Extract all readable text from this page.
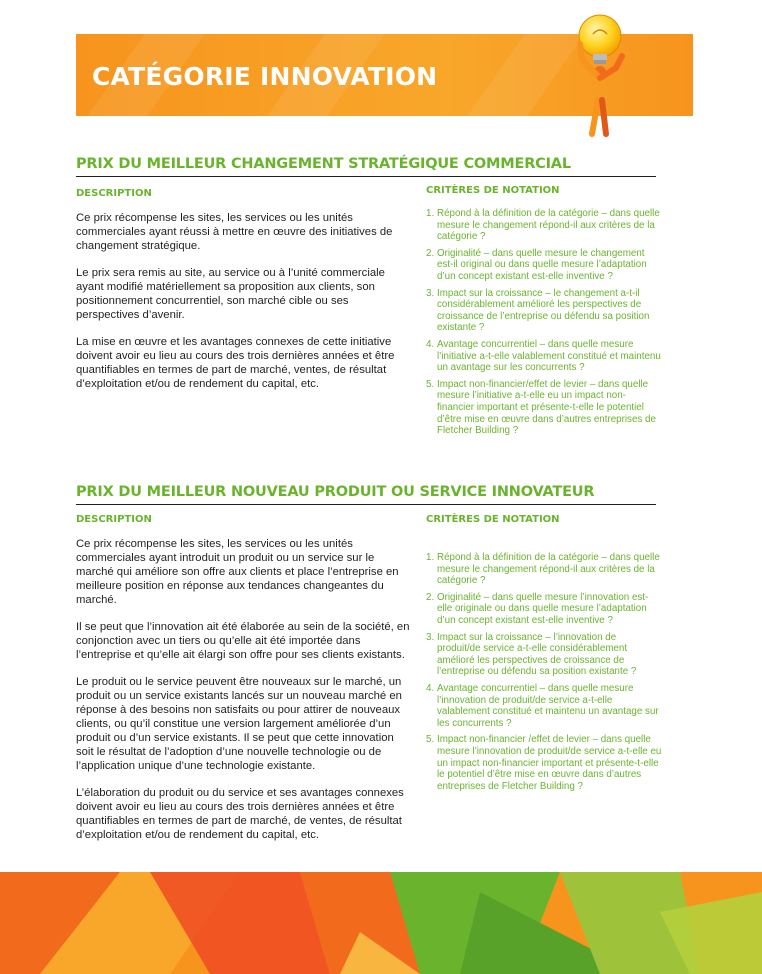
CATÉGORIE INNOVATION
PRIX DU MEILLEUR CHANGEMENT STRATÉGIQUE COMMERCIAL
DESCRIPTION	CRITÈRES DE NOTATION

Ce prix récompense les sites, les services ou les unités commerciales ayant réussi à mettre en œuvre des initiatives de changement stratégique.

Le prix sera remis au site, au service ou à l’unité commerciale ayant modifié matériellement sa proposition aux clients, son positionnement concurrentiel, son marché cible ou ses perspectives d’avenir.

La mise en œuvre et les avantages connexes de cette initiative doivent avoir eu lieu au cours des trois dernières années et être quantifiables en termes de part de marché, ventes, de résultat d’exploitation et/ou de rendement du capital, etc.

1. Répond à la définition de la catégorie – dans quelle mesure le changement répond-il aux critères de la catégorie ?
2. Originalité – dans quelle mesure le changement est-il original ou dans quelle mesure l’adaptation d’un concept existant est-elle inventive ?
3. Impact sur la croissance – le changement a-t-il considérablement amélioré les perspectives de croissance de l’entreprise ou défendu sa position existante ?
4. Avantage concurrentiel – dans quelle mesure l’initiative a-t-elle valablement constitué et maintenu un avantage sur les concurrents ?
5. Impact non-financier/effet de levier – dans quelle mesure l’initiative a-t-elle eu un impact non-financier important et présente-t-elle le potentiel d’être mise en œuvre dans d’autres entreprises de Fletcher Building ?
PRIX DU MEILLEUR NOUVEAU PRODUIT OU SERVICE INNOVATEUR
DESCRIPTION	CRITÈRES DE NOTATION

Ce prix récompense les sites, les services ou les unités commerciales ayant introduit un produit ou un service sur le marché qui améliore son offre aux clients et place l’entreprise en meilleure position en réponse aux tendances changeantes du marché.

Il se peut que l’innovation ait été élaborée au sein de la société, en conjonction avec un tiers ou qu’elle ait été importée dans l’entreprise et qu’elle ait élargi son offre pour ses clients existants.

Le produit ou le service peuvent être nouveaux sur le marché, un produit ou un service existants lancés sur un nouveau marché en réponse à des besoins non satisfaits ou pour attirer de nouveaux clients, ou qu’il constitue une version largement améliorée d’un produit ou d’un service existants. Il se peut que cette innovation soit le résultat de l’adoption d’une nouvelle technologie ou de l’application unique d’une technologie existante.

L’élaboration du produit ou du service et ses avantages connexes doivent avoir eu lieu au cours des trois dernières années et être quantifiables en termes de part de marché, de ventes, de résultat d’exploitation et/ou de rendement du capital, etc.

1. Répond à la définition de la catégorie – dans quelle mesure le changement répond-il aux critères de la catégorie ?
2. Originalité – dans quelle mesure l’innovation est-elle originale ou dans quelle mesure l’adaptation d’un concept existant est-elle inventive ?
3. Impact sur la croissance – l’innovation de produit/de service a-t-elle considérablement amélioré les perspectives de croissance de l’entreprise ou défendu sa position existante ?
4. Avantage concurrentiel – dans quelle mesure l’innovation de produit/de service a-t-elle valablement constitué et maintenu un avantage sur les concurrents ?
5. Impact non-financier /effet de levier – dans quelle mesure l’innovation de produit/de service a-t-elle eu un impact non-financier important et présente-t-elle le potentiel d’être mise en œuvre dans d’autres entreprises de Fletcher Building ?
